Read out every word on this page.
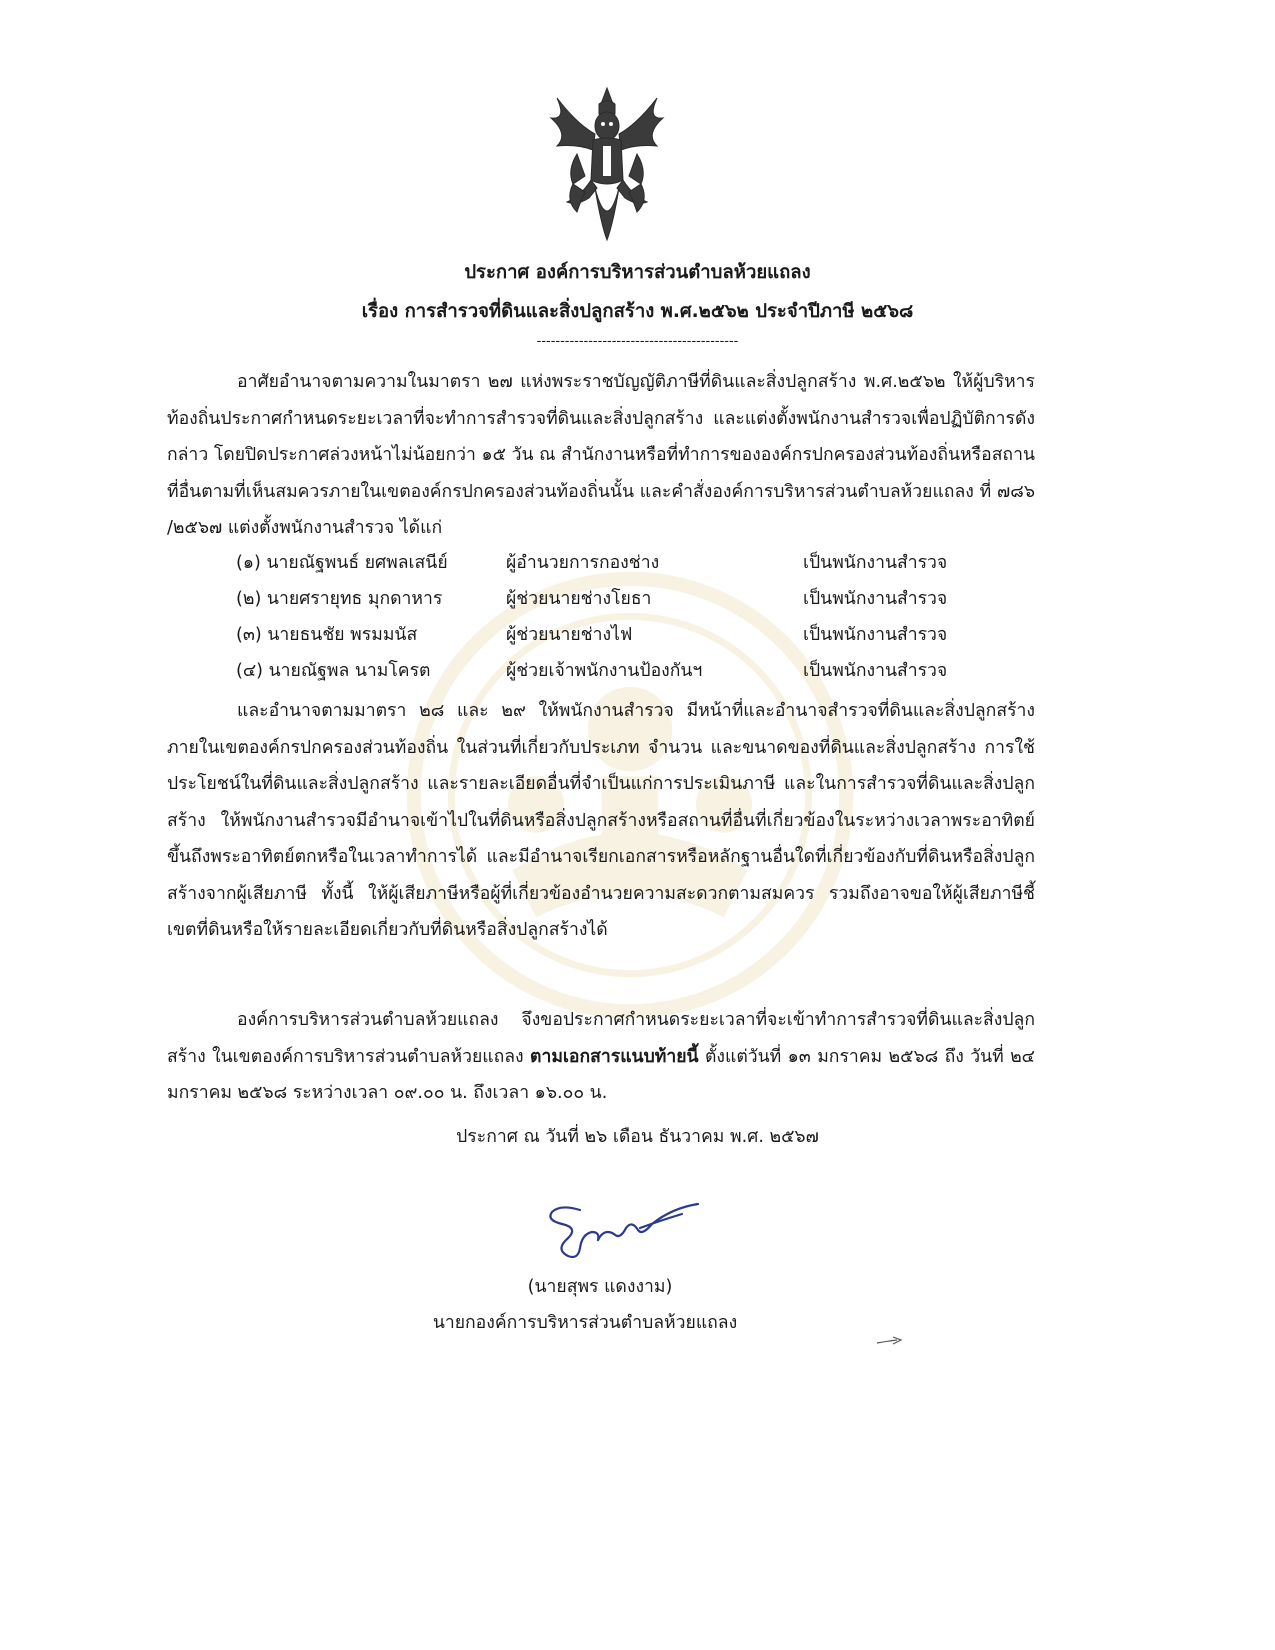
ประกาศ องค์การบริหารส่วนตำบลห้วยแถลง
เรื่อง การสำรวจที่ดินและสิ่งปลูกสร้าง พ.ศ.๒๕๖๒ ประจำปีภาษี ๒๕๖๘
-------------------------------------------

อาศัยอำนาจตามความในมาตรา ๒๗ แห่งพระราชบัญญัติภาษีที่ดินและสิ่งปลูกสร้าง พ.ศ.๒๕๖๒ ให้ผู้บริหารท้องถิ่นประกาศกำหนดระยะเวลาที่จะทำการสำรวจที่ดินและสิ่งปลูกสร้าง และแต่งตั้งพนักงานสำรวจเพื่อปฏิบัติการดังกล่าว โดยปิดประกาศล่วงหน้าไม่น้อยกว่า ๑๕ วัน ณ สำนักงานหรือที่ทำการขององค์กรปกครองส่วนท้องถิ่นหรือสถานที่อื่นตามที่เห็นสมควรภายในเขตองค์กรปกครองส่วนท้องถิ่นนั้น และคำสั่งองค์การบริหารส่วนตำบลห้วยแถลง ที่ ๗๘๖ /๒๕๖๗ แต่งตั้งพนักงานสำรวจ ได้แก่

(๑) นายณัฐพนธ์ ยศพลเสนีย์	ผู้อำนวยการกองช่าง	เป็นพนักงานสำรวจ
(๒) นายศรายุทธ มุกดาหาร	ผู้ช่วยนายช่างโยธา	เป็นพนักงานสำรวจ
(๓) นายธนชัย พรมมนัส	ผู้ช่วยนายช่างไฟ	เป็นพนักงานสำรวจ
(๔) นายณัฐพล นามโครต	ผู้ช่วยเจ้าพนักงานป้องกันฯ	เป็นพนักงานสำรวจ

และอำนาจตามมาตรา ๒๘ และ ๒๙ ให้พนักงานสำรวจ มีหน้าที่และอำนาจสำรวจที่ดินและสิ่งปลูกสร้างภายในเขตองค์กรปกครองส่วนท้องถิ่น ในส่วนที่เกี่ยวกับประเภท จำนวน และขนาดของที่ดินและสิ่งปลูกสร้าง การใช้ประโยชน์ในที่ดินและสิ่งปลูกสร้าง และรายละเอียดอื่นที่จำเป็นแก่การประเมินภาษี และในการสำรวจที่ดินและสิ่งปลูกสร้าง ให้พนักงานสำรวจมีอำนาจเข้าไปในที่ดินหรือสิ่งปลูกสร้างหรือสถานที่อื่นที่เกี่ยวข้องในระหว่างเวลาพระอาทิตย์ขึ้นถึงพระอาทิตย์ตกหรือในเวลาทำการได้ และมีอำนาจเรียกเอกสารหรือหลักฐานอื่นใดที่เกี่ยวข้องกับที่ดินหรือสิ่งปลูกสร้างจากผู้เสียภาษี ทั้งนี้ ให้ผู้เสียภาษีหรือผู้ที่เกี่ยวข้องอำนวยความสะดวกตามสมควร รวมถึงอาจขอให้ผู้เสียภาษีชี้เขตที่ดินหรือให้รายละเอียดเกี่ยวกับที่ดินหรือสิ่งปลูกสร้างได้

องค์การบริหารส่วนตำบลห้วยแถลง จึงขอประกาศกำหนดระยะเวลาที่จะเข้าทำการสำรวจที่ดินและสิ่งปลูกสร้าง ในเขตองค์การบริหารส่วนตำบลห้วยแถลง ตามเอกสารแนบท้ายนี้ ตั้งแต่วันที่ ๑๓ มกราคม ๒๕๖๘ ถึง วันที่ ๒๔ มกราคม ๒๕๖๘ ระหว่างเวลา ๐๙.๐๐ น. ถึงเวลา ๑๖.๐๐ น.

ประกาศ ณ วันที่ ๒๖ เดือน ธันวาคม พ.ศ. ๒๕๖๗
(นายสุพร แดงงาม)
นายกองค์การบริหารส่วนตำบลห้วยแถลง
